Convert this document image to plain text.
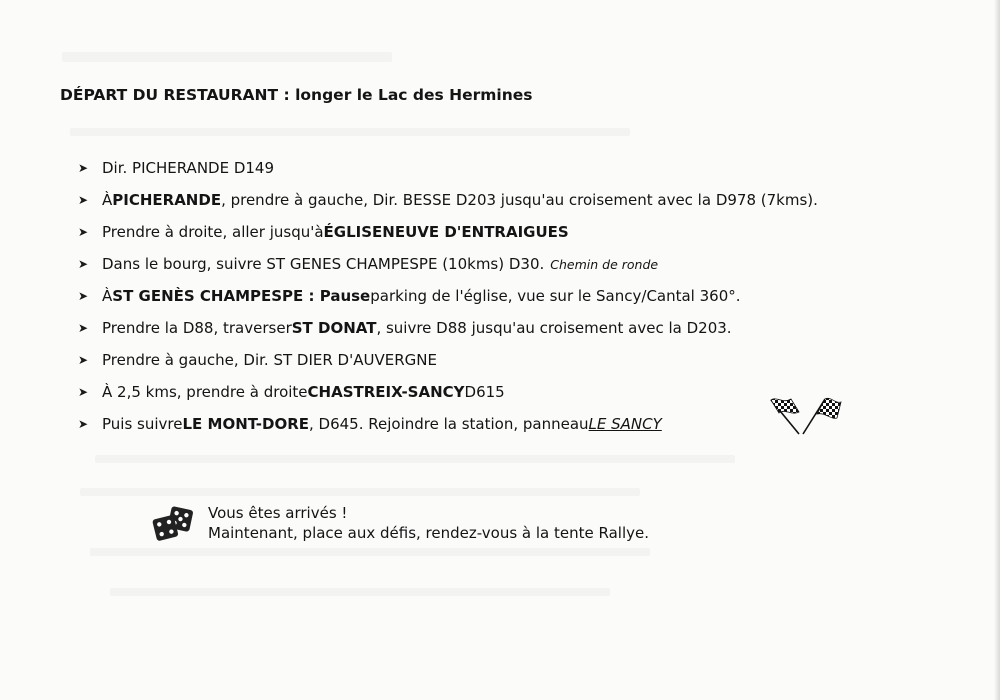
DÉPART DU RESTAURANT : longer le Lac des Hermines
➤ Dir. PICHERANDE D149
➤ À PICHERANDE , prendre à gauche, Dir. BESSE D203 jusqu'au croisement avec la D978 (7kms).
➤ Prendre à droite, aller jusqu'à ÉGLISENEUVE D'ENTRAIGUES
➤ Dans le bourg, suivre ST GENES CHAMPESPE (10kms) D30. Chemin de ronde
➤ À ST GENÈS CHAMPESPE : Pause parking de l'église, vue sur le Sancy/Cantal 360°.
➤ Prendre la D88, traverser ST DONAT , suivre D88 jusqu'au croisement avec la D203.
➤ Prendre à gauche, Dir. ST DIER D'AUVERGNE
➤ À 2,5 kms, prendre à droite CHASTREIX-SANCY D615
➤ Puis suivre LE MONT-DORE , D645. Rejoindre la station, panneau LE SANCY
Vous êtes arrivés !
Maintenant, place aux défis, rendez-vous à la tente Rallye.
